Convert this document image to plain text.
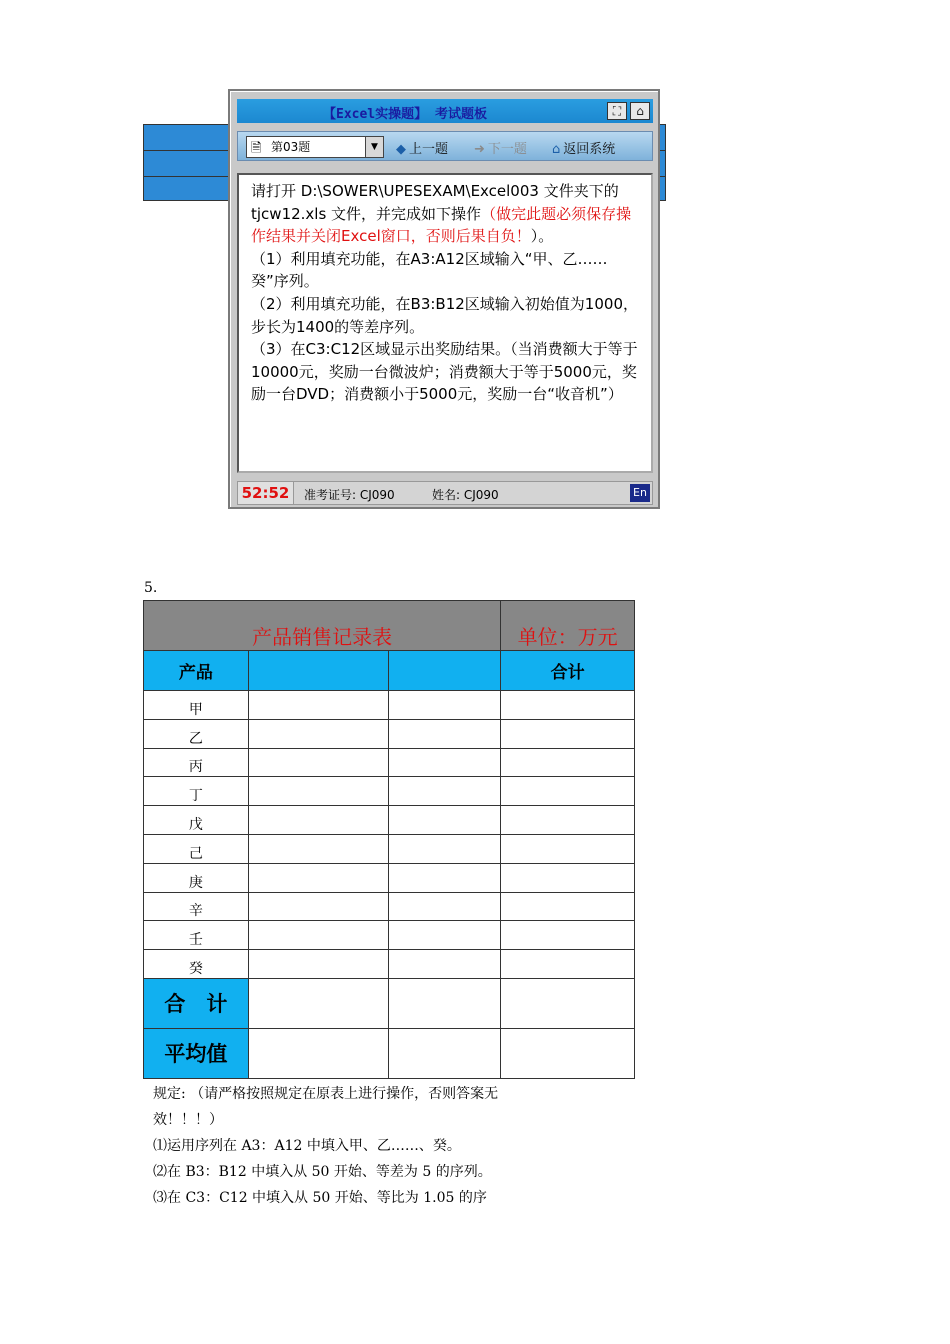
【Excel实操题】 考试题板	⛶	⌂
🗎 第03题	▼	◆ 上一题 ➜ 下一题 ⌂ 返回系统

请打开 D:\SOWER\UPESEXAM\Excel003 文件夹下的 tjcw12.xls 文件，并完成如下操作（做完此题必须保存操作结果并关闭Excel窗口，否则后果自负！）。

（1）利用填充功能，在A3:A12区域输入“甲、乙……癸”序列。

（2）利用填充功能，在B3:B12区域输入初始值为1000，步长为1400的等差序列。

（3）在C3:C12区域显示出奖励结果。（当消费额大于等于10000元，奖励一台微波炉；消费额大于等于5000元，奖励一台DVD；消费额小于5000元，奖励一台“收音机”）

52:52	准考证号: CJ090	姓名: CJ090	En
5.
产品销售记录表			单位：万元
产品			合计
甲			
乙			
丙			
丁			
戊			
己			
庚			
辛			
壬			
癸			
合　计			
平均值			

规定: （请严格按照规定在原表上进行操作，否则答案无效！！！）

⑴运用序列在 A3：A12 中填入甲、乙……、癸。

⑵在 B3：B12 中填入从 50 开始、等差为 5 的序列。

⑶在 C3：C12 中填入从 50 开始、等比为 1.05 的序
